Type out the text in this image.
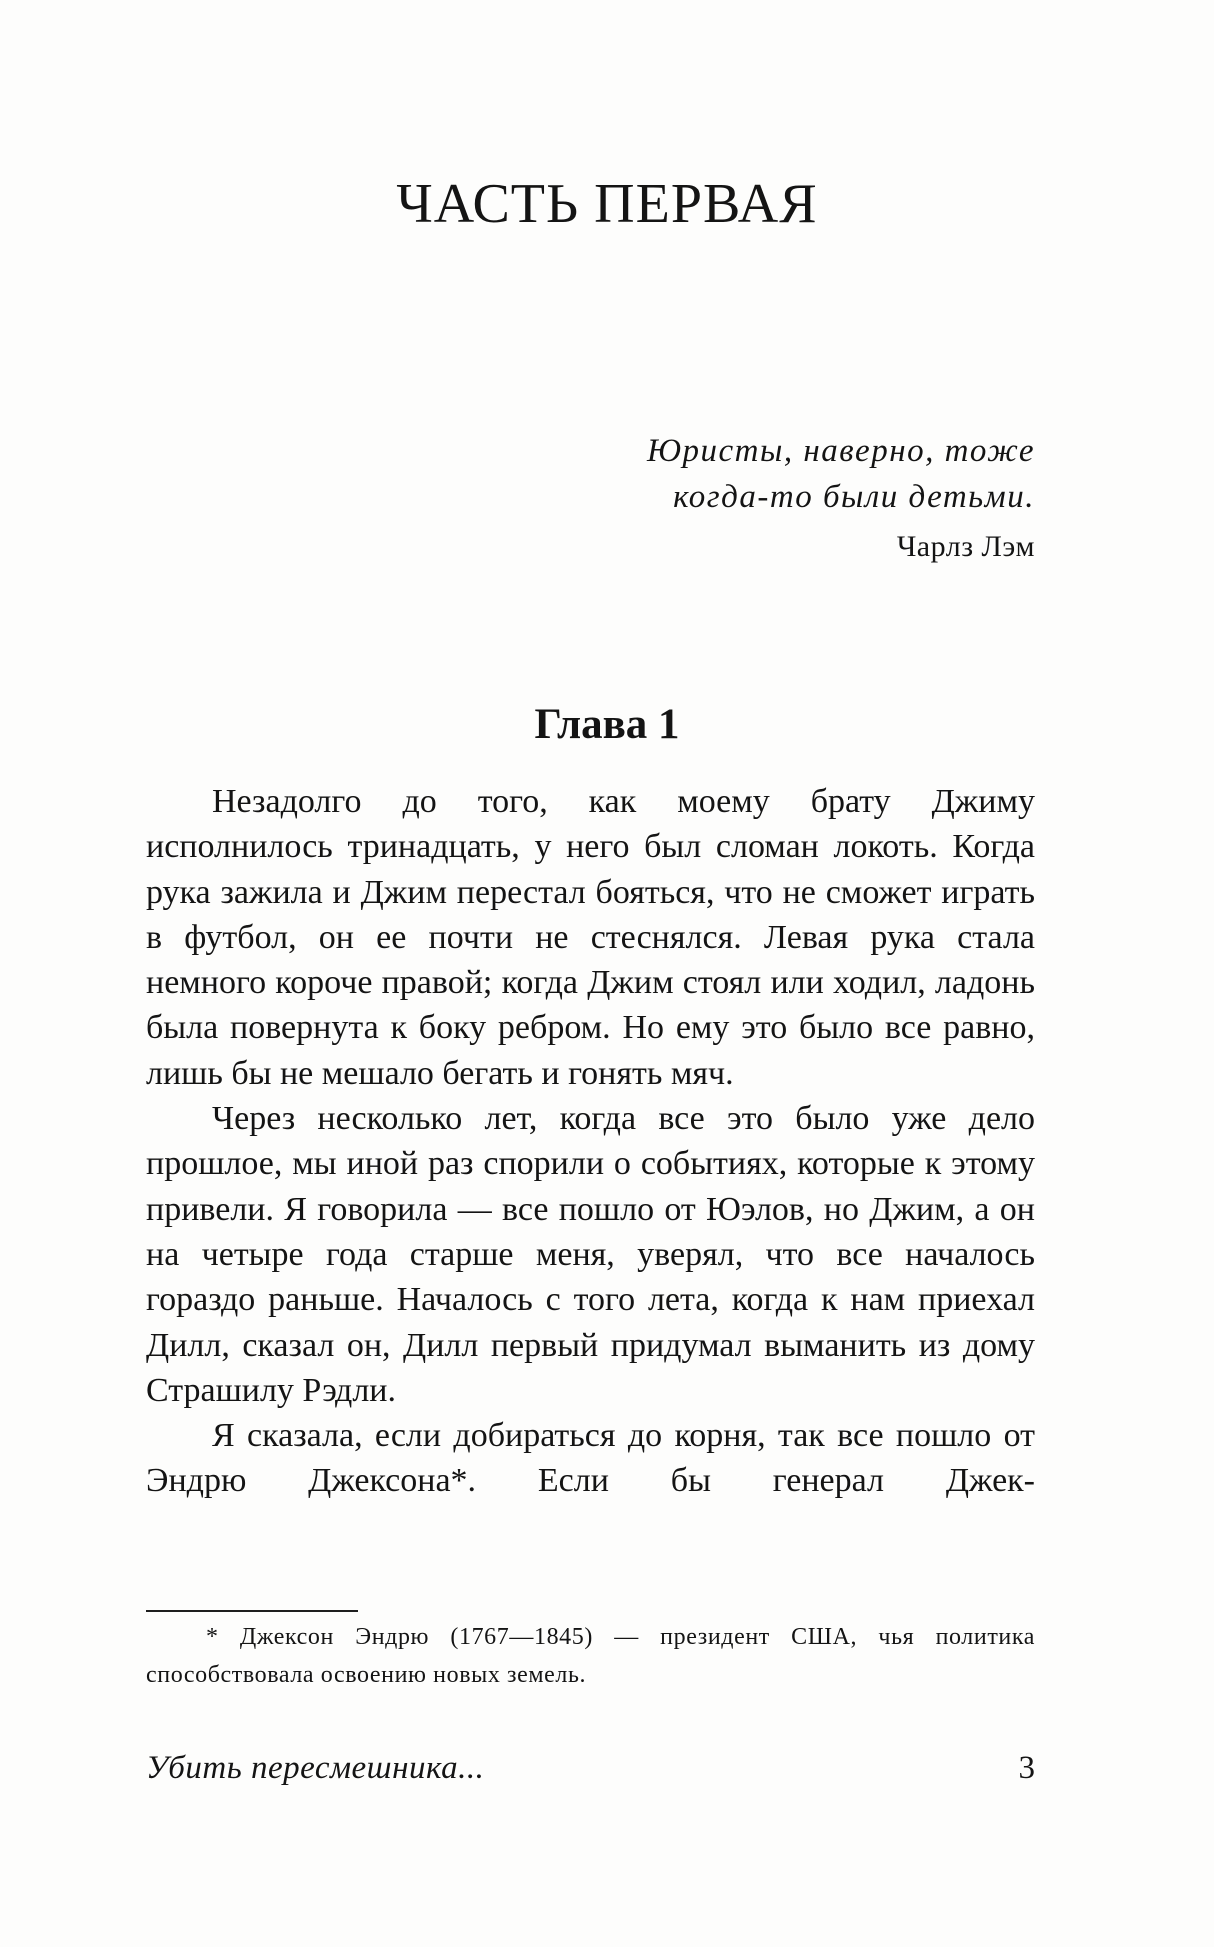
ЧАСТЬ ПЕРВАЯ

Юристы, наверно, тоже

когда-то были детьми.

Чарлз Лэм

Глава 1

Незадолго до того, как моему брату Джиму исполнилось тринадцать, у него был сломан локоть. Когда рука зажила и Джим перестал бояться, что не сможет играть в футбол, он ее почти не стеснялся. Левая рука стала немного короче правой; когда Джим стоял или ходил, ладонь была повернута к боку ребром. Но ему это было все равно, лишь бы не мешало бегать и гонять мяч.

Через несколько лет, когда все это было уже дело прошлое, мы иной раз спорили о событиях, которые к этому привели. Я говорила — все пошло от Юэлов, но Джим, а он на четыре года старше меня, уверял, что все началось гораздо раньше. Началось с того лета, когда к нам приехал Дилл, сказал он, Дилл первый придумал выманить из дому Страшилу Рэдли.

Я сказала, если добираться до корня, так все пошло от Эндрю Джексона*. Если бы генерал Джек-

* Джексон Эндрю (1767—1845) — президент США, чья политика способствовала освоению новых земель.

Убить пересмешника...	3
